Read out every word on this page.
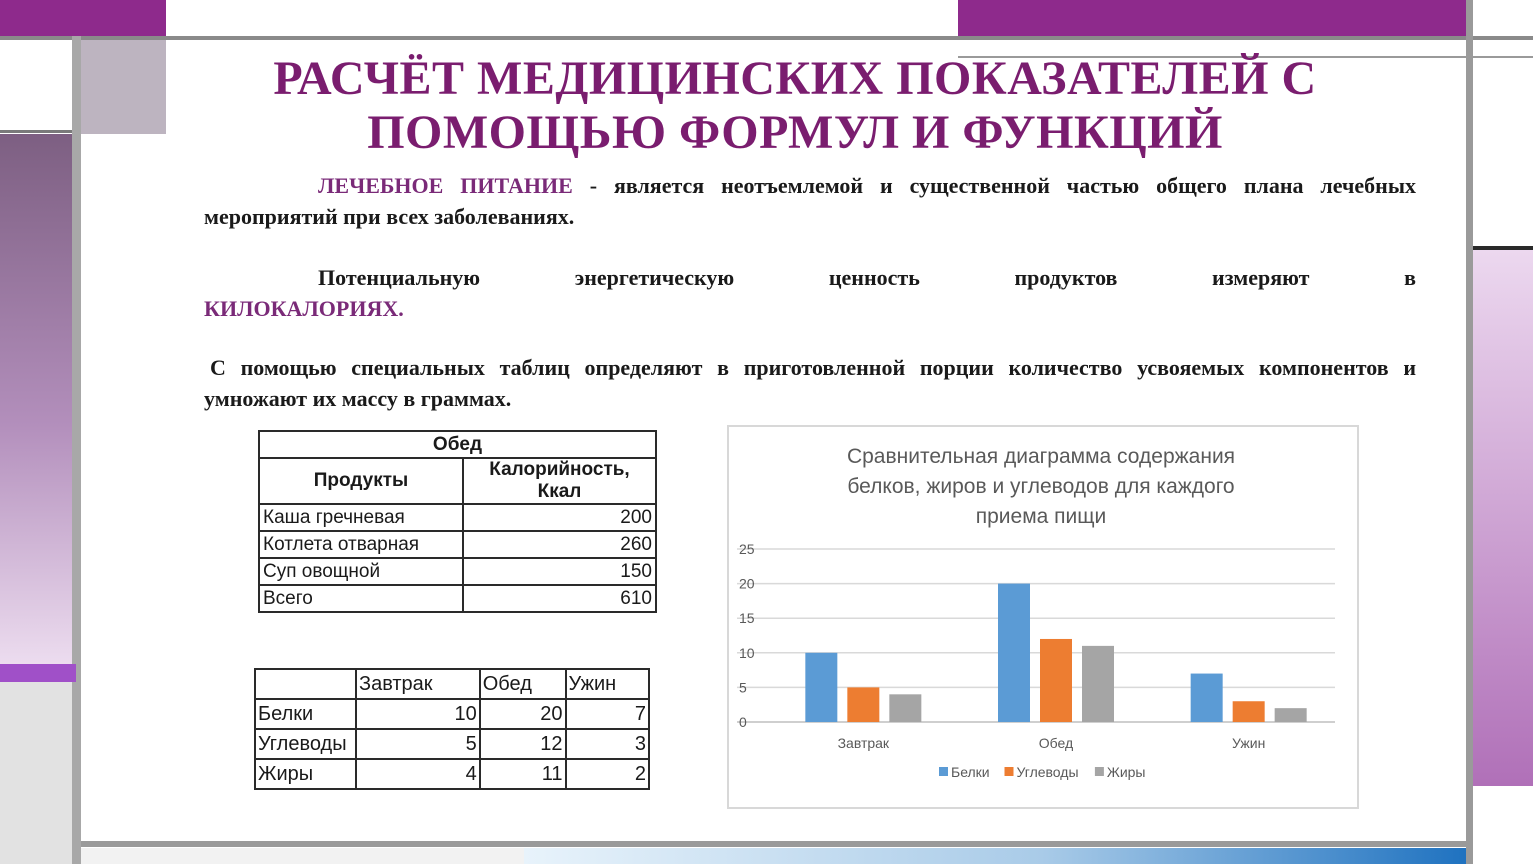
РАСЧЁТ МЕДИЦИНСКИХ ПОКАЗАТЕЛЕЙ С
ПОМОЩЬЮ ФОРМУЛ И ФУНКЦИЙ

ЛЕЧЕБНОЕ ПИТАНИЕ - является неотъемлемой и существенной частью общего плана лечебных мероприятий при всех заболеваниях.

Потенциальную энергетическую ценность продуктов измеряют в

КИЛОКАЛОРИЯХ.

С помощью специальных таблиц определяют в приготовленной порции количество усвояемых компонентов и умножают их массу в граммах.

Обед	
Продукты	Калорийность, Ккал
Каша гречневая	200
Котлета отварная	260
Суп овощной	150
Всего	610
	Завтрак	Обед	Ужин
Белки	10	20	7
Углеводы	5	12	3
Жиры	4	11	2
Сравнительная диаграмма содержания
белков, жиров и углеводов для каждого
приема пищи
0
5
10
15
20
25
Завтрак	Обед	Ужин
Белки Углеводы Жиры
